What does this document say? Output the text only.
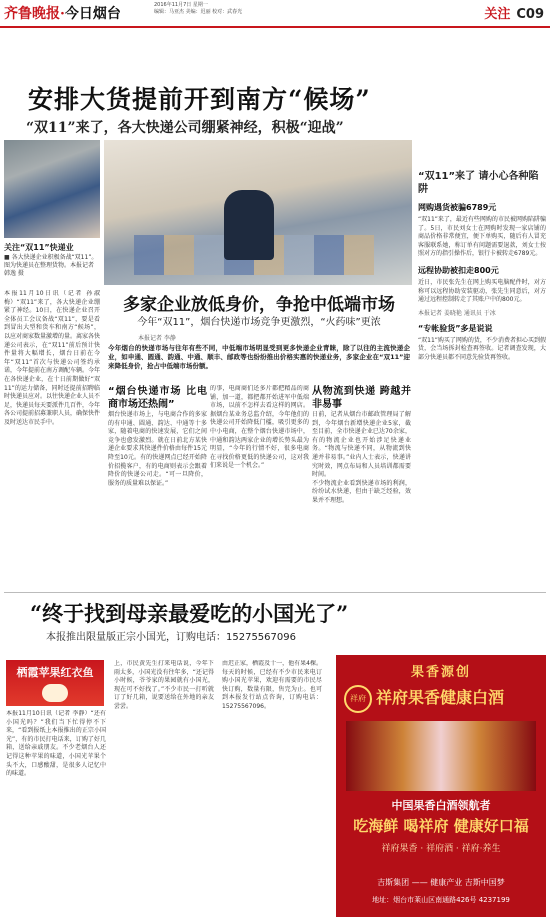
齐鲁晚报·今日烟台
2016年11月7日 星期一
编辑：马亚杰 美编：迟丽 校对：武春光	关注 C09
安排大货提前开到南方“候场”
“双11”来了，各大快递公司绷紧神经，积极“迎战”
关注“双11”快递业
■ 各大快递企业积极备战“双11”。图为快递员在整理货物。本报记者 韩逸 摄
本报11月10日讯（记者 孙淑梅）“双11”来了，各大快递企业绷紧了神经。10日，在快递企业召开全体员工会议备战“双11”，要是看到冒出大型和货车和南方“候场”，以应对商家数量激增的量。离家各快递公司表示，在“双11”前后预计快件量将大幅增长，烟台日前在今年“双11”首次与快递公司签约承诺，今年提前在南方调配车辆。今年在各快递企业，在十日前期做好“双11”的运力储备，同时还提前招聘临时快递员应对。以往快递企业人员不足，快递员每天要派件几百件，今年各公司提前招募兼职人员，确保快件及时送达市民手中。
多家企业放低身价，争抢中低端市场
今年“双11”，烟台快递市场竞争更激烈，“火药味”更浓
本报记者 李静
今年烟台的快递市场与往年有些不同，中低端市场明显受到更多快递企业青睐，除了以往的主流快递企业，如申通、圆通、韵通、中通、顺丰、邮政等也纷纷推出价格实惠的快递业务，多家企业在“双11”迎来降低身价，抢占中低端市场份额。
“烟台快递市场 比电商市场还热闹”
烟台快递市场上，与电商合作的多家的有申通、圆通、韵达、中通等十多家，随着电商的快速发展，它们之间竞争也愈发激烈。就在日前北方某快递企业要求其快递件价格由每件15元降至10元。有的快递网点已经开始降价招揽客户，有的电商则表示会跟着降价的快递公司走。“可一旦降价，服务的质量难以保证。”
的事，电商商们还多片都把精品的商铺，加一道，都把都开始进军中低端市场，以前不怎样去看这样的网店。据烟台某业务总监介绍，今年他们的快递公司开始降低门槛，吸引更多的中小电商，在整个烟台快递市场中，中通和韵达两家企业的增长势头最为明显，“今年的行情不好，很多电商在寻找价格更低的快递公司，这对我们来说是一个机会。”
从物流到快递 跨越并非易事
日前，记者从烟台市邮政管理局了解到，今年烟台新增快递企业5家，截至目前，全市快递企业已达70余家，有的物流企业也开始涉足快递业务。“物流与快递不同，从物流到快递并非易事。”业内人士表示，快递讲究时效，网点布局和人员培训都需要时间。
不少物流企业看到快递市场的利润，纷纷试水快递，但由于缺乏经验，效果并不理想。
“双11”来了 请小心各种陷阱
网购遇货被骗6789元
“双11”来了，最近有些网购的市民被网购陷阱骗了。5日，市民刘女士在网购时发现一家店铺的商品价格非常便宜，便下单购买，随后有人冒充客服联系她，称订单有问题需要退款，刘女士按照对方的指引操作后，银行卡被转走6789元。
远程协助被扣走800元
近日，市民张先生在网上购买电脑配件时，对方称可以远程协助安装驱动，张先生同意后，对方通过远程控制转走了其账户中的800元。
本报记者 姜晓艳 通讯员 于冰
“专帐验货”多是说说
“双11”购买了网购的货，不少消费者担心买到假货，会当场拆封检查再签收。记者调查发现，大部分快递员都不同意先验货再签收。
“终于找到母亲最爱吃的小国光了”
本报推出限量版正宗小国光，订购电话：15275567096
栖霞苹果红衣鱼
本报11月10日讯（记者 李静）“还有小国光吗？”我们当下忙得停不下来，“看到报纸上本报推出的正宗小国光”，有的市民打电话来，订购了好几箱，送给亲戚朋友。不少老烟台人还记得这种苹果的味道，小国光苹果个头不大，口感酸甜，是很多人记忆中的味道。
上，市民黄先生打来电话说，今年下雨太多，小国光没有往年多，“还记得小时候，爷爷家的果园就有小国光，现在可不好找了。”不少市民一打听就订了好几箱，说要送给在外地的亲友尝尝。
由迟正家，栖霞及十一，他有果4棵。每天的时候，已经有不少市民来电订购小国光苹果，欢迎有需要的市民尽快订购，数量有限，售完为止。也可到本报发行站点咨询，订购电话：15275567096。
果香源创
祥府 祥府果香健康白酒
中国果香白酒领航者
吃海鲜 喝祥府 健康好口福
祥府果香 · 祥府酒 · 祥府·养生
吉斯集团 —— 健康产业 吉斯中国梦
地址：烟台市莱山区南通路426号 4237199
